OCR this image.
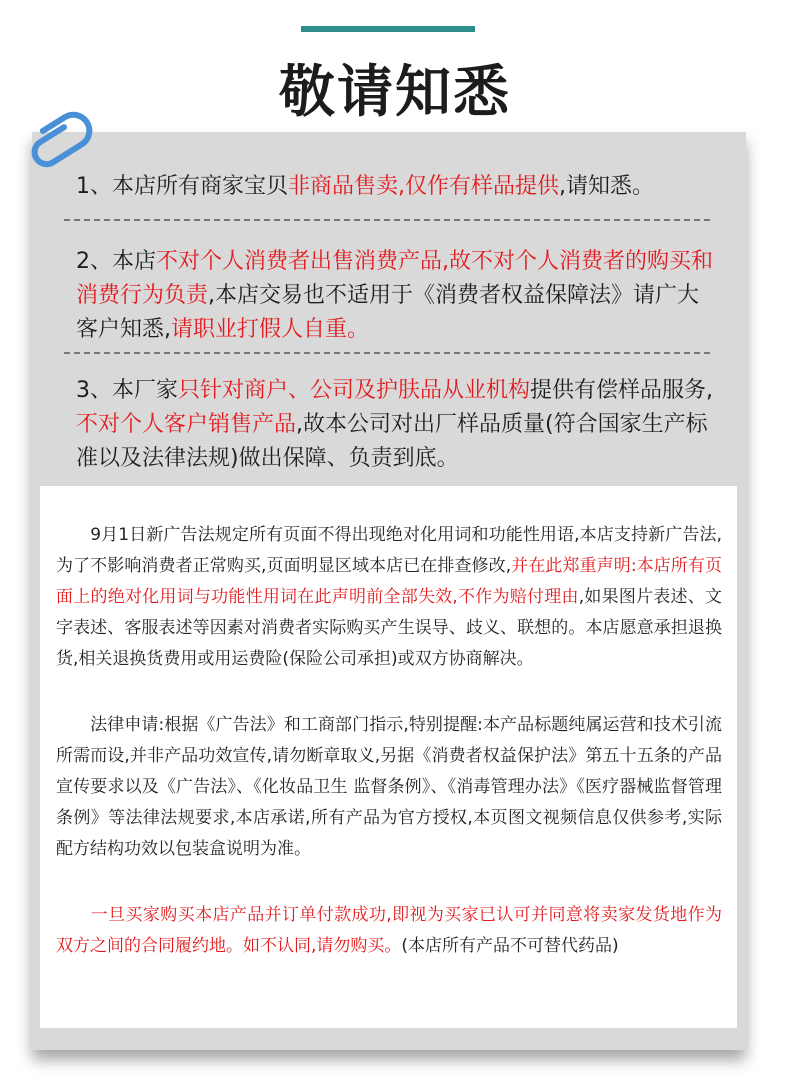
敬请知悉

1、本店所有商家宝贝非商品售卖,仅作有样品提供,请知悉。

2、本店不对个人消费者出售消费产品,故不对个人消费者的购买和消费行为负责,本店交易也不适用于《消费者权益保障法》请广大客户知悉,请职业打假人自重。

3、本厂家只针对商户、公司及护肤品从业机构提供有偿样品服务,不对个人客户销售产品,故本公司对出厂样品质量(符合国家生产标准以及法律法规)做出保障、负责到底。

　　9月1日新广告法规定所有页面不得出现绝对化用词和功能性用语,本店支持新广告法,为了不影响消费者正常购买,页面明显区域本店已在排查修改,并在此郑重声明:本店所有页面上的绝对化用词与功能性用词在此声明前全部失效,不作为赔付理由,如果图片表述、文字表述、客服表述等因素对消费者实际购买产生误导、歧义、联想的。本店愿意承担退换货,相关退换货费用或用运费险(保险公司承担)或双方协商解决。

　　法律申请:根据《广告法》和工商部门指示,特别提醒:本产品标题纯属运营和技术引流所需而设,并非产品功效宣传,请勿断章取义,另据《消费者权益保护法》第五十五条的产品宣传要求以及《广告法》、《化妆品卫生 监督条例》、《消毒管理办法》《医疗器械监督管理条例》等法律法规要求,本店承诺,所有产品为官方授权,本页图文视频信息仅供参考,实际配方结构功效以包装盒说明为准。

　　一旦买家购买本店产品并订单付款成功,即视为买家已认可并同意将卖家发货地作为双方之间的合同履约地。如不认同,请勿购买。(本店所有产品不可替代药品)
